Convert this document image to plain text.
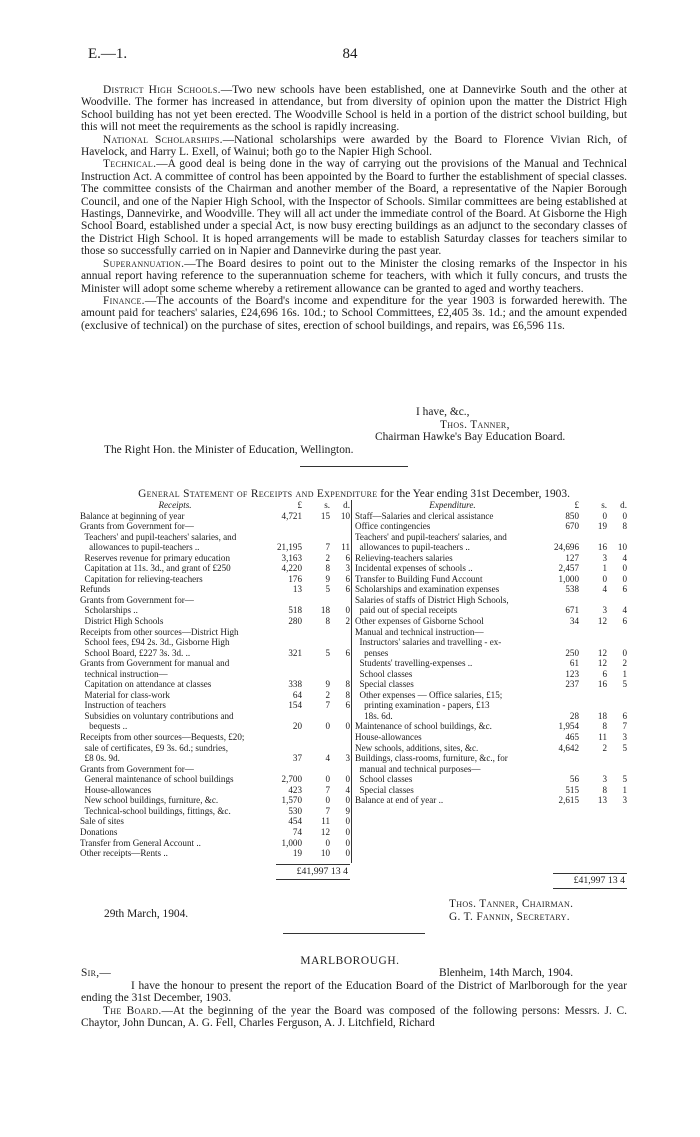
E.—1.	84

District High Schools.—Two new schools have been established, one at Dannevirke South and the other at Woodville. The former has increased in attendance, but from diversity of opinion upon the matter the District High School building has not yet been erected. The Woodville School is held in a portion of the district school building, but this will not meet the requirements as the school is rapidly increasing.

National Scholarships.—National scholarships were awarded by the Board to Florence Vivian Rich, of Havelock, and Harry L. Exell, of Wainui; both go to the Napier High School.

Technical.—A good deal is being done in the way of carrying out the provisions of the Manual and Technical Instruction Act. A committee of control has been appointed by the Board to further the establishment of special classes. The committee consists of the Chairman and another member of the Board, a representative of the Napier Borough Council, and one of the Napier High School, with the Inspector of Schools. Similar committees are being established at Hastings, Dannevirke, and Woodville. They will all act under the immediate control of the Board. At Gisborne the High School Board, established under a special Act, is now busy erecting buildings as an adjunct to the secondary classes of the District High School. It is hoped arrangements will be made to establish Saturday classes for teachers similar to those so successfully carried on in Napier and Dannevirke during the past year.

Superannuation.—The Board desires to point out to the Minister the closing remarks of the Inspector in his annual report having reference to the superannuation scheme for teachers, with which it fully concurs, and trusts the Minister will adopt some scheme whereby a retirement allowance can be granted to aged and worthy teachers.

Finance.—The accounts of the Board's income and expenditure for the year 1903 is forwarded herewith. The amount paid for teachers' salaries, £24,696 16s. 10d.; to School Committees, £2,405 3s. 1d.; and the amount expended (exclusive of technical) on the purchase of sites, erection of school buildings, and repairs, was £6,596 11s.

I have, &c.,
Thos. Tanner,
Chairman Hawke's Bay Education Board.
The Right Hon. the Minister of Education, Wellington.
General Statement of Receipts and Expenditure for the Year ending 31st December, 1903.
Receipts.	£ s. d.
Balance at beginning of year	4,721 15 10
Grants from Government for—
Teachers' and pupil-teachers' salaries, and
allowances to pupil-teachers ..	21,195	7 11
Reserves revenue for primary education	3,163	2 6
Capitation at 11s. 3d., and grant of £250	4,220	8 3
Capitation for relieving-teachers	176	9 6
Refunds	13	5 6
Grants from Government for—
Scholarships ..	518 18 0
District High Schools	280	8 2
Receipts from other sources—District High
School fees, £94 2s. 3d., Gisborne High
School Board, £227 3s. 3d. ..	321	5 6
Grants from Government for manual and
technical instruction—
Capitation on attendance at classes	338	9 8
Material for class-work	64	2 8
Instruction of teachers	154	7 6
Subsidies on voluntary contributions and
bequests ..	20	0 0
Receipts from other sources—Bequests, £20;
sale of certificates, £9 3s. 6d.; sundries,
£8 0s. 9d.	37	4 3
Grants from Government for—
General maintenance of school buildings	2,700	0 0
House-allowances	423	7 4
New school buildings, furniture, &c.	1,570	0 0
Technical-school buildings, fittings, &c.	530	7 9
Sale of sites	454 11 0
Donations	74 12 0
Transfer from General Account ..	1,000	0 0
Other receipts—Rents ..	19 10 0
Expenditure.	£ s. d.
Staff—Salaries and clerical assistance	850	0 0
Office contingencies	670 19 8
Teachers' and pupil-teachers' salaries, and
allowances to pupil-teachers ..	24,696 16 10
Relieving-teachers salaries	127	3 4
Incidental expenses of schools ..	2,457	1 0
Transfer to Building Fund Account	1,000	0 0
Scholarships and examination expenses	538	4 6
Salaries of staffs of District High Schools,
paid out of special receipts	671	3 4
Other expenses of Gisborne School	34 12 6
Manual and technical instruction—
Instructors' salaries and travelling - ex-
penses	250 12 0
Students' travelling-expenses ..	61 12 2
School classes	123	6 1
Special classes	237 16 5
Other expenses — Office salaries, £15;
printing examination - papers, £13
18s. 6d.	28 18 6
Maintenance of school buildings, &c.	1,954	8 7
House-allowances	465 11 3
New schools, additions, sites, &c.	4,642	2 5
Buildings, class-rooms, furniture, &c., for
manual and technical purposes—
School classes	56	3 5
Special classes	515	8 1
Balance at end of year ..	2,615 13 3
£41,997 13 4
£41,997 13 4
29th March, 1904.
Thos. Tanner, Chairman.
G. T. Fannin, Secretary.
MARLBOROUGH.
Sir,—	Blenheim, 14th March, 1904.

I have the honour to present the report of the Education Board of the District of Marlborough for the year ending the 31st December, 1903.

The Board.—At the beginning of the year the Board was composed of the following persons: Messrs. J. C. Chaytor, John Duncan, A. G. Fell, Charles Ferguson, A. J. Litchfield, Richard
